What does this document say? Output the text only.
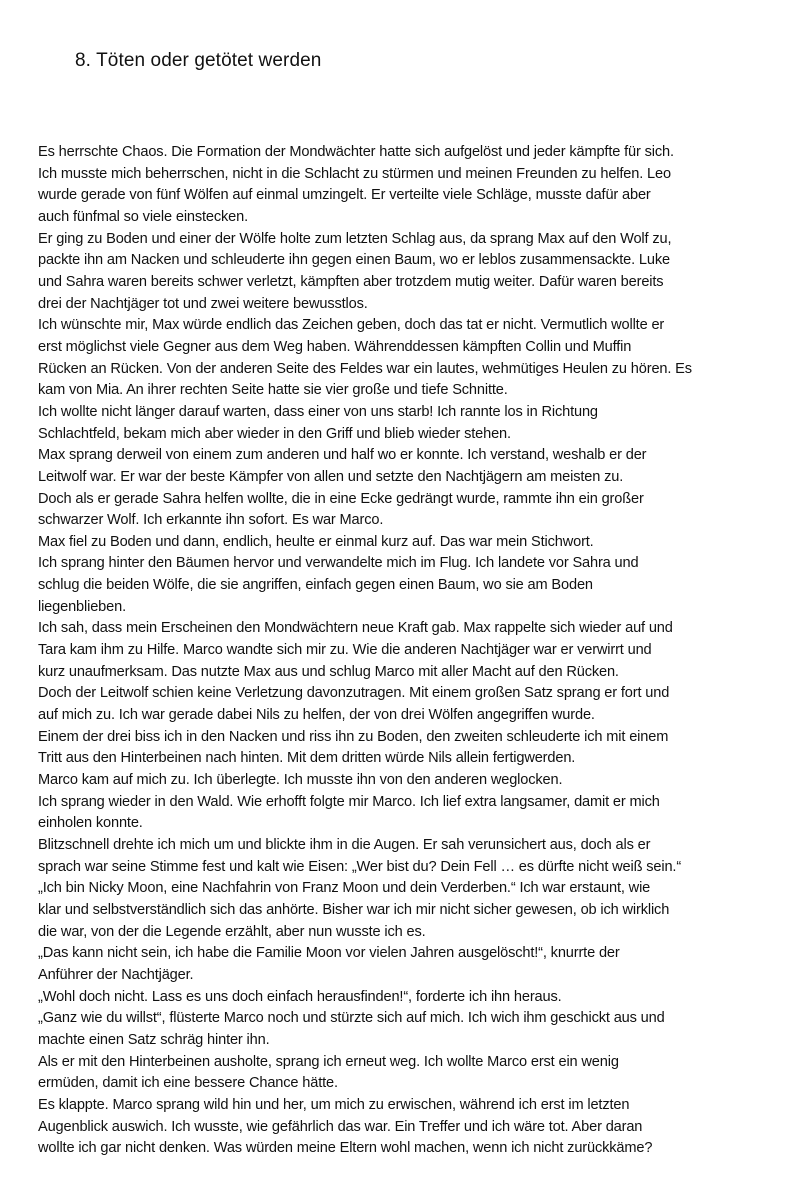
8. Töten oder getötet werden
Es herrschte Chaos. Die Formation der Mondwächter hatte sich aufgelöst und jeder kämpfte für sich.
Ich musste mich beherrschen, nicht in die Schlacht zu stürmen und meinen Freunden zu helfen. Leo
wurde gerade von fünf Wölfen auf einmal umzingelt. Er verteilte viele Schläge, musste dafür aber
auch fünfmal so viele einstecken.
Er ging zu Boden und einer der Wölfe holte zum letzten Schlag aus, da sprang Max auf den Wolf zu,
packte ihn am Nacken und schleuderte ihn gegen einen Baum, wo er leblos zusammensackte. Luke
und Sahra waren bereits schwer verletzt, kämpften aber trotzdem mutig weiter. Dafür waren bereits
drei der Nachtjäger tot und zwei weitere bewusstlos.
Ich wünschte mir, Max würde endlich das Zeichen geben, doch das tat er nicht. Vermutlich wollte er
erst möglichst viele Gegner aus dem Weg haben. Währenddessen kämpften Collin und Muffin
Rücken an Rücken. Von der anderen Seite des Feldes war ein lautes, wehmütiges Heulen zu hören. Es
kam von Mia. An ihrer rechten Seite hatte sie vier große und tiefe Schnitte.
Ich wollte nicht länger darauf warten, dass einer von uns starb! Ich rannte los in Richtung
Schlachtfeld, bekam mich aber wieder in den Griff und blieb wieder stehen.
Max sprang derweil von einem zum anderen und half wo er konnte. Ich verstand, weshalb er der
Leitwolf war. Er war der beste Kämpfer von allen und setzte den Nachtjägern am meisten zu.
Doch als er gerade Sahra helfen wollte, die in eine Ecke gedrängt wurde, rammte ihn ein großer
schwarzer Wolf. Ich erkannte ihn sofort. Es war Marco.
Max fiel zu Boden und dann, endlich, heulte er einmal kurz auf. Das war mein Stichwort.
Ich sprang hinter den Bäumen hervor und verwandelte mich im Flug. Ich landete vor Sahra und
schlug die beiden Wölfe, die sie angriffen, einfach gegen einen Baum, wo sie am Boden
liegenblieben.
Ich sah, dass mein Erscheinen den Mondwächtern neue Kraft gab. Max rappelte sich wieder auf und
Tara kam ihm zu Hilfe. Marco wandte sich mir zu. Wie die anderen Nachtjäger war er verwirrt und
kurz unaufmerksam. Das nutzte Max aus und schlug Marco mit aller Macht auf den Rücken.
Doch der Leitwolf schien keine Verletzung davonzutragen. Mit einem großen Satz sprang er fort und
auf mich zu. Ich war gerade dabei Nils zu helfen, der von drei Wölfen angegriffen wurde.
Einem der drei biss ich in den Nacken und riss ihn zu Boden, den zweiten schleuderte ich mit einem
Tritt aus den Hinterbeinen nach hinten. Mit dem dritten würde Nils allein fertigwerden.
Marco kam auf mich zu. Ich überlegte. Ich musste ihn von den anderen weglocken.
Ich sprang wieder in den Wald. Wie erhofft folgte mir Marco. Ich lief extra langsamer, damit er mich
einholen konnte.
Blitzschnell drehte ich mich um und blickte ihm in die Augen. Er sah verunsichert aus, doch als er
sprach war seine Stimme fest und kalt wie Eisen: „Wer bist du? Dein Fell … es dürfte nicht weiß sein.“
„Ich bin Nicky Moon, eine Nachfahrin von Franz Moon und dein Verderben.“ Ich war erstaunt, wie
klar und selbstverständlich sich das anhörte. Bisher war ich mir nicht sicher gewesen, ob ich wirklich
die war, von der die Legende erzählt, aber nun wusste ich es.
„Das kann nicht sein, ich habe die Familie Moon vor vielen Jahren ausgelöscht!“, knurrte der
Anführer der Nachtjäger.
„Wohl doch nicht. Lass es uns doch einfach herausfinden!“, forderte ich ihn heraus.
„Ganz wie du willst“, flüsterte Marco noch und stürzte sich auf mich. Ich wich ihm geschickt aus und
machte einen Satz schräg hinter ihn.
Als er mit den Hinterbeinen ausholte, sprang ich erneut weg. Ich wollte Marco erst ein wenig
ermüden, damit ich eine bessere Chance hätte.
Es klappte. Marco sprang wild hin und her, um mich zu erwischen, während ich erst im letzten
Augenblick auswich. Ich wusste, wie gefährlich das war. Ein Treffer und ich wäre tot. Aber daran
wollte ich gar nicht denken. Was würden meine Eltern wohl machen, wenn ich nicht zurückkäme?
